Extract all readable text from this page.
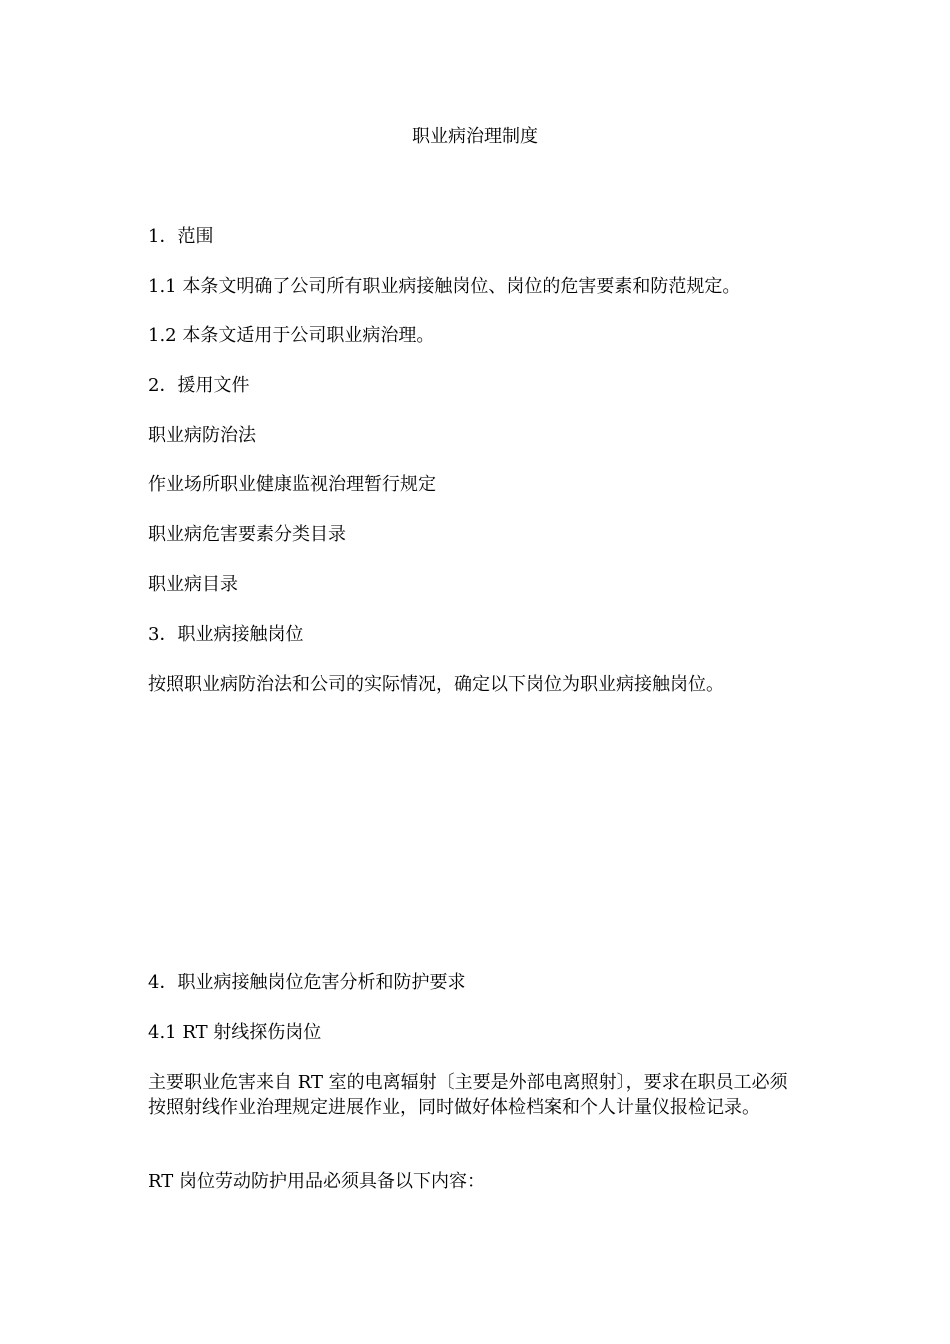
职业病治理制度

1．范围

1.1 本条文明确了公司所有职业病接触岗位、岗位的危害要素和防范规定。

1.2 本条文适用于公司职业病治理。

2．援用文件

职业病防治法

作业场所职业健康监视治理暂行规定

职业病危害要素分类目录

职业病目录

3．职业病接触岗位

按照职业病防治法和公司的实际情况，确定以下岗位为职业病接触岗位。

4．职业病接触岗位危害分析和防护要求

4.1 RT 射线探伤岗位

主要职业危害来自 RT 室的电离辐射〔主要是外部电离照射〕，要求在职员工必须按照射线作业治理规定进展作业，同时做好体检档案和个人计量仪报检记录。

RT 岗位劳动防护用品必须具备以下内容：
